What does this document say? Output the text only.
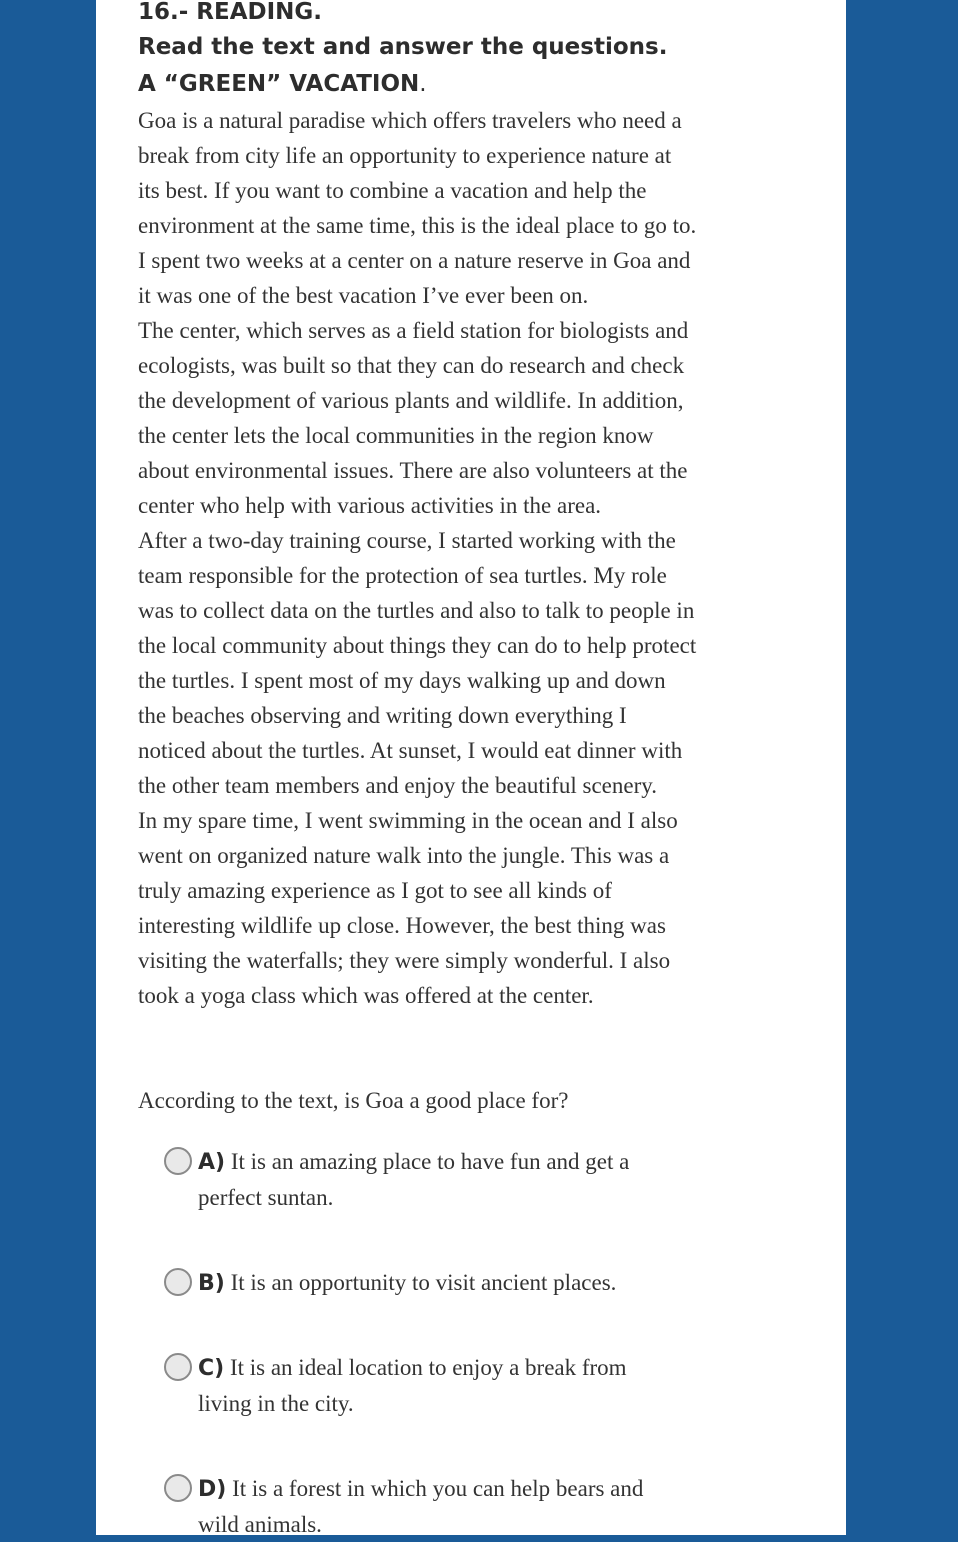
16.- READING.
Read the text and answer the questions.
A “GREEN” VACATION.
Goa is a natural paradise which offers travelers who need a
break from city life an opportunity to experience nature at
its best. If you want to combine a vacation and help the
environment at the same time, this is the ideal place to go to.
I spent two weeks at a center on a nature reserve in Goa and
it was one of the best vacation I’ve ever been on.
The center, which serves as a field station for biologists and
ecologists, was built so that they can do research and check
the development of various plants and wildlife. In addition,
the center lets the local communities in the region know
about environmental issues. There are also volunteers at the
center who help with various activities in the area.
After a two-day training course, I started working with the
team responsible for the protection of sea turtles. My role
was to collect data on the turtles and also to talk to people in
the local community about things they can do to help protect
the turtles. I spent most of my days walking up and down
the beaches observing and writing down everything I
noticed about the turtles. At sunset, I would eat dinner with
the other team members and enjoy the beautiful scenery.
In my spare time, I went swimming in the ocean and I also
went on organized nature walk into the jungle. This was a
truly amazing experience as I got to see all kinds of
interesting wildlife up close. However, the best thing was
visiting the waterfalls; they were simply wonderful. I also
took a yoga class which was offered at the center.
According to the text, is Goa a good place for?
A) It is an amazing place to have fun and get a
perfect suntan.
B) It is an opportunity to visit ancient places.
C) It is an ideal location to enjoy a break from
living in the city.
D) It is a forest in which you can help bears and
wild animals.
